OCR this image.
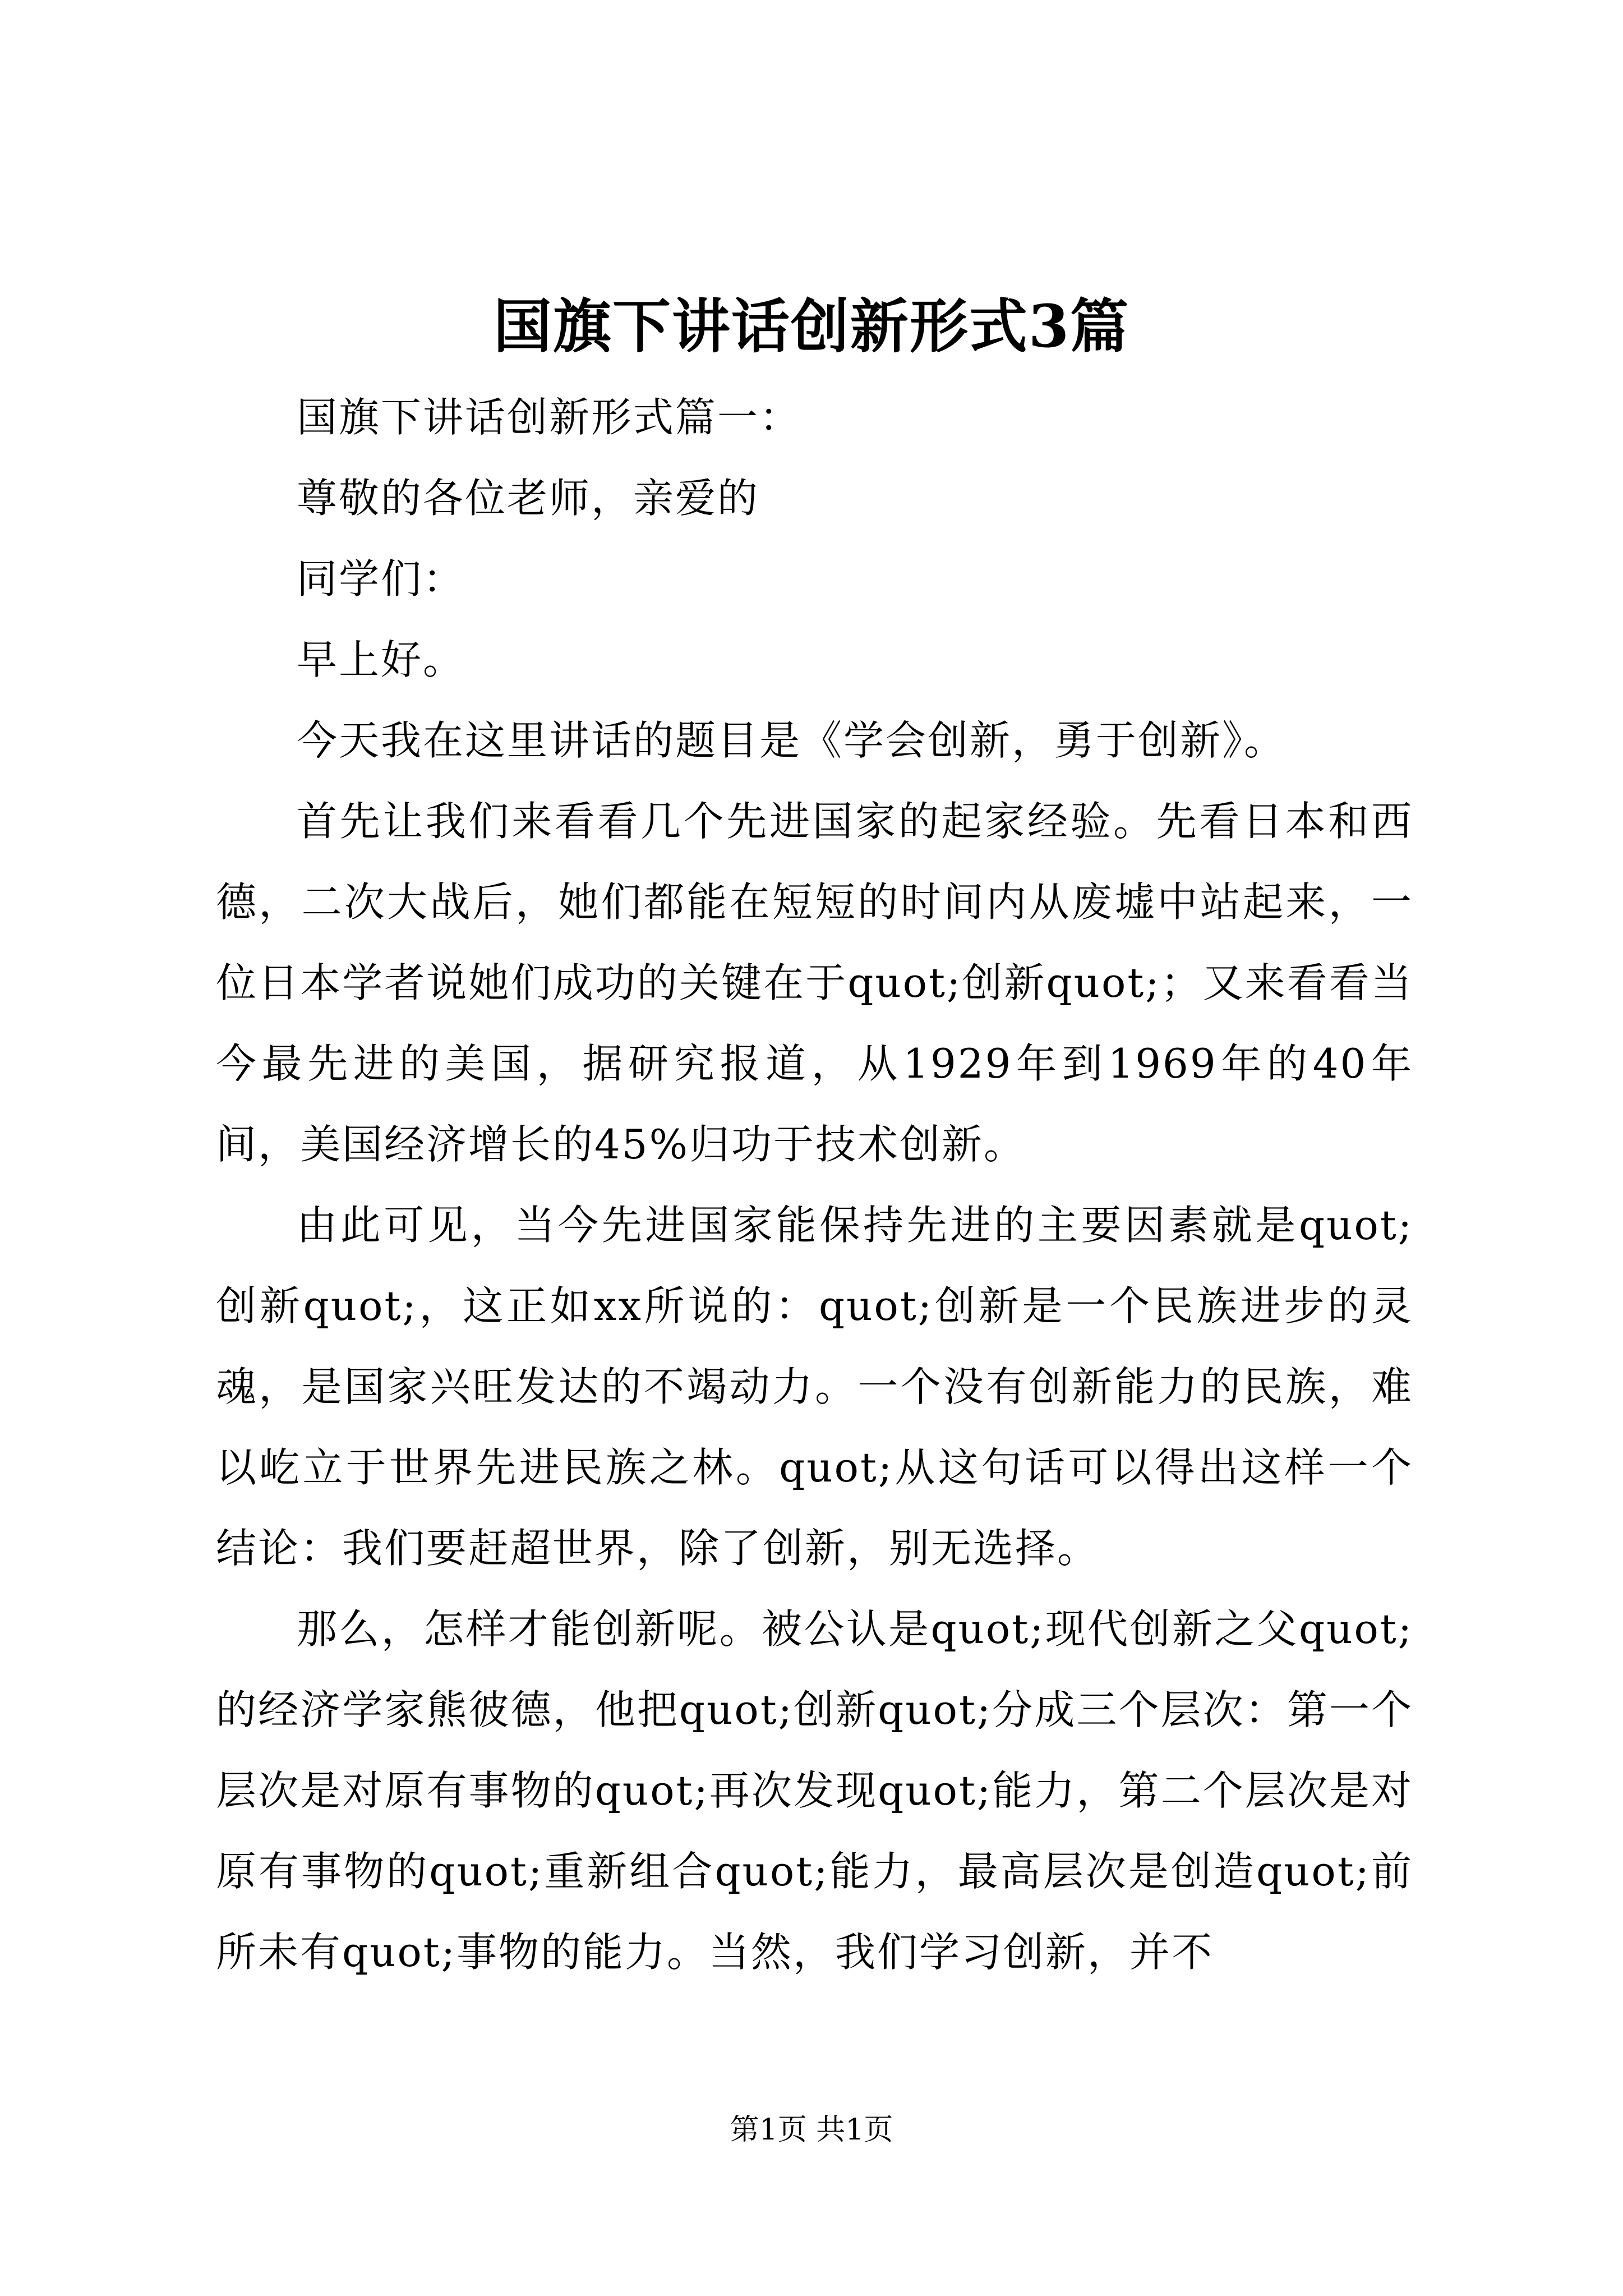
国旗下讲话创新形式3篇

国旗下讲话创新形式篇一：

尊敬的各位老师，亲爱的

同学们：

早上好。

今天我在这里讲话的题目是《学会创新，勇于创新》。

首先让我们来看看几个先进国家的起家经验。先看日本和西德，二次大战后，她们都能在短短的时间内从废墟中站起来，一位日本学者说她们成功的关键在于quot;创新quot;；又来看看当今最先进的美国，据研究报道，从1929年到1969年的40年间，美国经济增长的45%归功于技术创新。

由此可见，当今先进国家能保持先进的主要因素就是quot;创新quot;，这正如xx所说的：quot;创新是一个民族进步的灵魂，是国家兴旺发达的不竭动力。一个没有创新能力的民族，难以屹立于世界先进民族之林。quot;从这句话可以得出这样一个结论：我们要赶超世界，除了创新，别无选择。

那么，怎样才能创新呢。被公认是quot;现代创新之父quot;的经济学家熊彼德，他把quot;创新quot;分成三个层次：第一个层次是对原有事物的quot;再次发现quot;能力，第二个层次是对原有事物的quot;重新组合quot;能力，最高层次是创造quot;前所未有quot;事物的能力。当然，我们学习创新，并不

第1页 共1页
